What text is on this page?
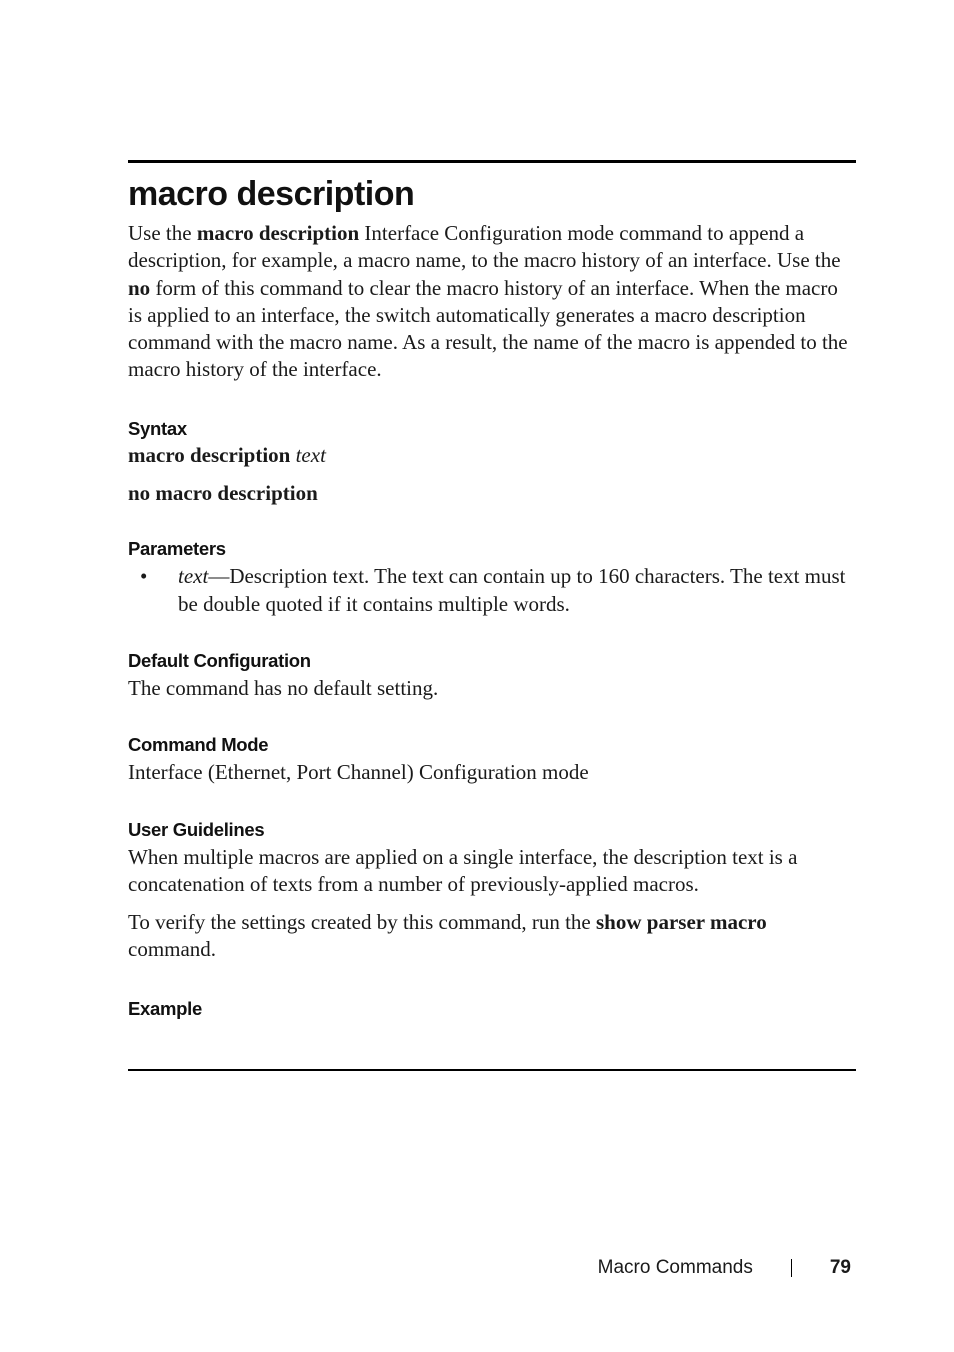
macro description

Use the macro description Interface Configuration mode command to append a description, for example, a macro name, to the macro history of an interface. Use the no form of this command to clear the macro history of an interface. When the macro is applied to an interface, the switch automatically generates a macro description command with the macro name. As a result, the name of the macro is appended to the macro history of the interface.

Syntax

macro description text

no macro description

Parameters

• text—Description text. The text can contain up to 160 characters. The text must be double quoted if it contains multiple words.

Default Configuration

The command has no default setting.

Command Mode

Interface (Ethernet, Port Channel) Configuration mode

User Guidelines

When multiple macros are applied on a single interface, the description text is a concatenation of texts from a number of previously-applied macros.

To verify the settings created by this command, run the show parser macro command.

Example
Macro Commands	79
